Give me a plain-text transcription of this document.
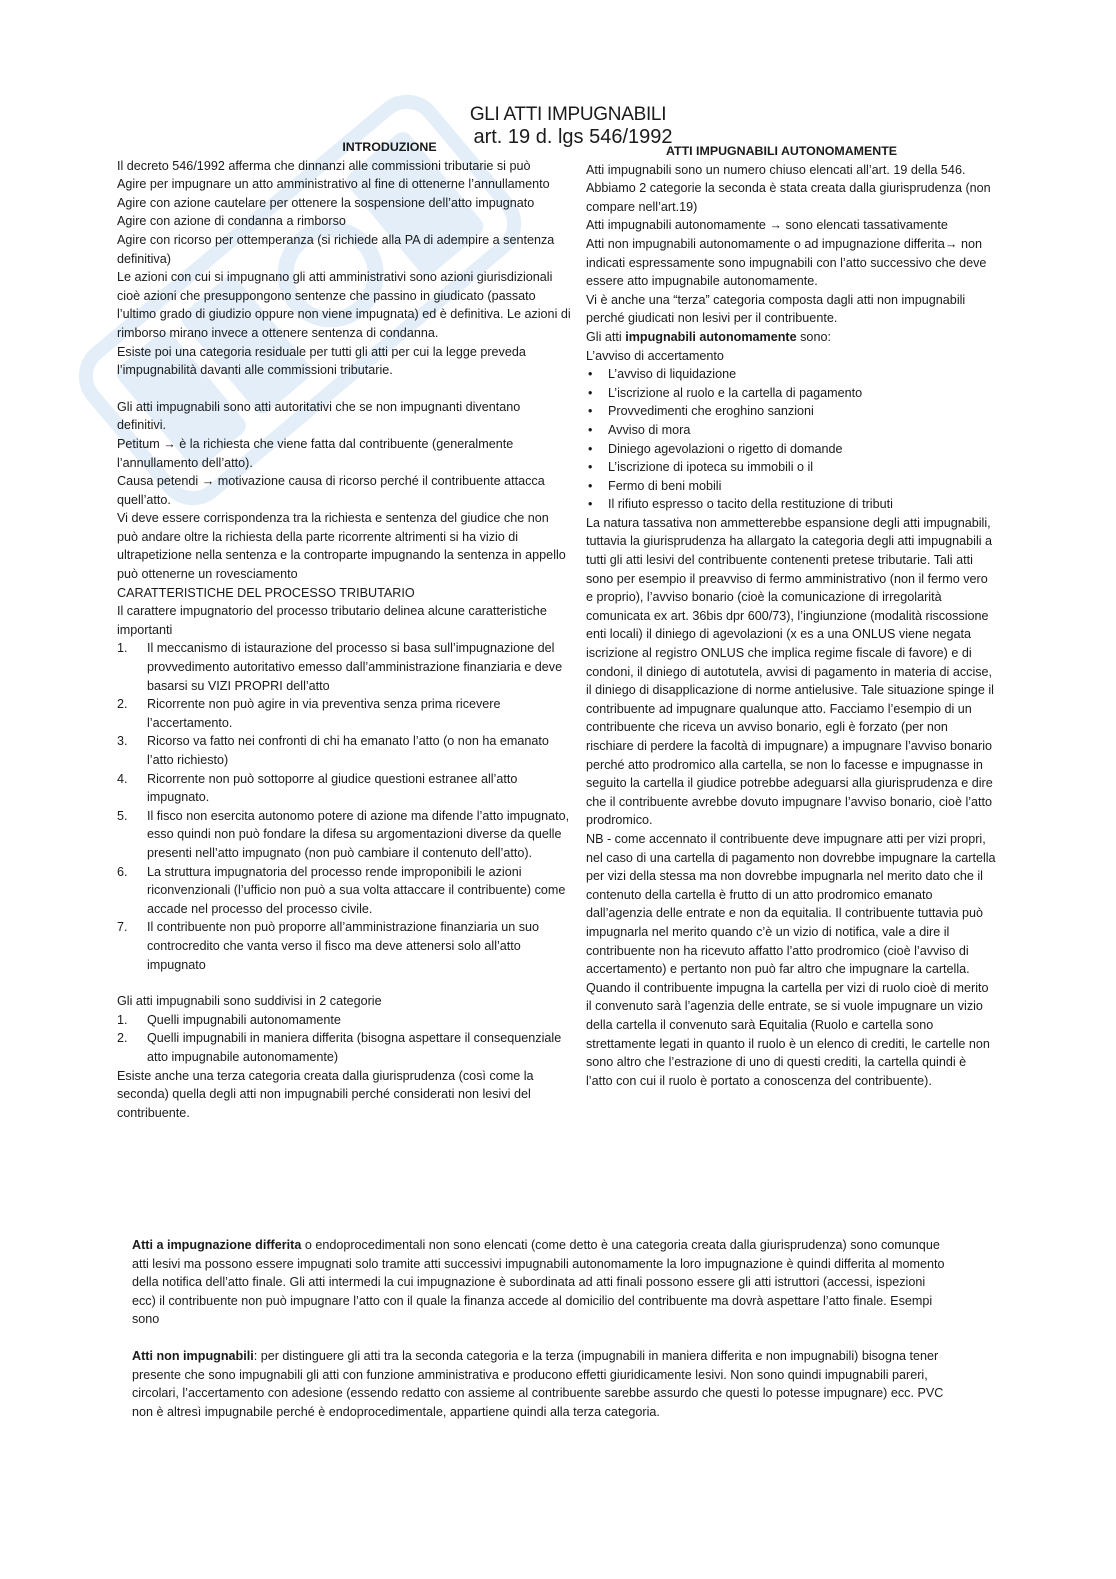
GLI ATTI IMPUGNABILI
art. 19 d. lgs 546/1992
INTRODUZIONE

Il decreto 546/1992 afferma che dinnanzi alle commissioni tributarie si può

Agire per impugnare un atto amministrativo al fine di ottenerne l’annullamento

Agire con azione cautelare per ottenere la sospensione dell’atto impugnato

Agire con azione di condanna a rimborso

Agire con ricorso per ottemperanza (si richiede alla PA di adempire a sentenza definitiva)

Le azioni con cui si impugnano gli atti amministrativi sono azioni giurisdizionali cioè azioni che presuppongono sentenze che passino in giudicato (passato l’ultimo grado di giudizio oppure non viene impugnata) ed è definitiva. Le azioni di rimborso mirano invece a ottenere sentenza di condanna.

Esiste poi una categoria residuale per tutti gli atti per cui la legge preveda l’impugnabilità davanti alle commissioni tributarie.

Gli atti impugnabili sono atti autoritativi che se non impugnanti diventano definitivi.

Petitum → è la richiesta che viene fatta dal contribuente (generalmente l’annullamento dell’atto).

Causa petendi → motivazione causa di ricorso perché il contribuente attacca quell’atto.

Vi deve essere corrispondenza tra la richiesta e sentenza del giudice che non può andare oltre la richiesta della parte ricorrente altrimenti si ha vizio di ultrapetizione nella sentenza e la controparte impugnando la sentenza in appello può ottenerne un rovesciamento

CARATTERISTICHE DEL PROCESSO TRIBUTARIO

Il carattere impugnatorio del processo tributario delinea alcune caratteristiche importanti

1. Il meccanismo di istaurazione del processo si basa sull’impugnazione del provvedimento autoritativo emesso dall’amministrazione finanziaria e deve basarsi su VIZI PROPRI dell’atto
2. Ricorrente non può agire in via preventiva senza prima ricevere l’accertamento.
3. Ricorso va fatto nei confronti di chi ha emanato l’atto (o non ha emanato l’atto richiesto)
4. Ricorrente non può sottoporre al giudice questioni estranee all’atto impugnato.
5. Il fisco non esercita autonomo potere di azione ma difende l’atto impugnato, esso quindi non può fondare la difesa su argomentazioni diverse da quelle presenti nell’atto impugnato (non può cambiare il contenuto dell’atto).
6. La struttura impugnatoria del processo rende improponibili le azioni riconvenzionali (l’ufficio non può a sua volta attaccare il contribuente) come accade nel processo del processo civile.
7. Il contribuente non può proporre all’amministrazione finanziaria un suo controcredito che vanta verso il fisco ma deve attenersi solo all’atto impugnato

Gli atti impugnabili sono suddivisi in 2 categorie

1. Quelli impugnabili autonomamente
2. Quelli impugnabili in maniera differita (bisogna aspettare il consequenziale atto impugnabile autonomamente)

Esiste anche una terza categoria creata dalla giurisprudenza (così come la seconda) quella degli atti non impugnabili perché considerati non lesivi del contribuente.

ATTI IMPUGNABILI AUTONOMAMENTE

Atti impugnabili sono un numero chiuso elencati all’art. 19 della 546.

Abbiamo 2 categorie la seconda è stata creata dalla giurisprudenza (non compare nell’art.19)

Atti impugnabili autonomamente → sono elencati tassativamente

Atti non impugnabili autonomamente o ad impugnazione differita→ non indicati espressamente sono impugnabili con l’atto successivo che deve essere atto impugnabile autonomamente.

Vi è anche una “terza” categoria composta dagli atti non impugnabili perché giudicati non lesivi per il contribuente.

Gli atti impugnabili autonomamente sono:

L’avviso di accertamento

• L’avviso di liquidazione
• L’iscrizione al ruolo e la cartella di pagamento
• Provvedimenti che eroghino sanzioni
• Avviso di mora
• Diniego agevolazioni o rigetto di domande
• L’iscrizione di ipoteca su immobili o il
• Fermo di beni mobili
• Il rifiuto espresso o tacito della restituzione di tributi

La natura tassativa non ammetterebbe espansione degli atti impugnabili, tuttavia la giurisprudenza ha allargato la categoria degli atti impugnabili a tutti gli atti lesivi del contribuente contenenti pretese tributarie. Tali atti sono per esempio il preavviso di fermo amministrativo (non il fermo vero e proprio), l’avviso bonario (cioè la comunicazione di irregolarità comunicata ex art. 36bis dpr 600/73), l’ingiunzione (modalità riscossione enti locali) il diniego di agevolazioni (x es a una ONLUS viene negata iscrizione al registro ONLUS che implica regime fiscale di favore) e di condoni, il diniego di autotutela, avvisi di pagamento in materia di accise, il diniego di disapplicazione di norme antielusive. Tale situazione spinge il contribuente ad impugnare qualunque atto. Facciamo l’esempio di un contribuente che riceva un avviso bonario, egli è forzato (per non rischiare di perdere la facoltà di impugnare) a impugnare l’avviso bonario perché atto prodromico alla cartella, se non lo facesse e impugnasse in seguito la cartella il giudice potrebbe adeguarsi alla giurisprudenza e dire che il contribuente avrebbe dovuto impugnare l’avviso bonario, cioè l’atto prodromico.

NB - come accennato il contribuente deve impugnare atti per vizi propri, nel caso di una cartella di pagamento non dovrebbe impugnare la cartella per vizi della stessa ma non dovrebbe impugnarla nel merito dato che il contenuto della cartella è frutto di un atto prodromico emanato dall’agenzia delle entrate e non da equitalia. Il contribuente tuttavia può impugnarla nel merito quando c’è un vizio di notifica, vale a dire il contribuente non ha ricevuto affatto l’atto prodromico (cioè l’avviso di accertamento) e pertanto non può far altro che impugnare la cartella.

Quando il contribuente impugna la cartella per vizi di ruolo cioè di merito il convenuto sarà l’agenzia delle entrate, se si vuole impugnare un vizio della cartella il convenuto sarà Equitalia (Ruolo e cartella sono strettamente legati in quanto il ruolo è un elenco di crediti, le cartelle non sono altro che l’estrazione di uno di questi crediti, la cartella quindi è l’atto con cui il ruolo è portato a conoscenza del contribuente).

Atti a impugnazione differita o endoprocedimentali non sono elencati (come detto è una categoria creata dalla giurisprudenza) sono comunque atti lesivi ma possono essere impugnati solo tramite atti successivi impugnabili autonomamente la loro impugnazione è quindi differita al momento della notifica dell’atto finale. Gli atti intermedi la cui impugnazione è subordinata ad atti finali possono essere gli atti istruttori (accessi, ispezioni ecc) il contribuente non può impugnare l’atto con il quale la finanza accede al domicilio del contribuente ma dovrà aspettare l’atto finale. Esempi sono

Atti non impugnabili: per distinguere gli atti tra la seconda categoria e la terza (impugnabili in maniera differita e non impugnabili) bisogna tener presente che sono impugnabili gli atti con funzione amministrativa e producono effetti giuridicamente lesivi. Non sono quindi impugnabili pareri, circolari, l’accertamento con adesione (essendo redatto con assieme al contribuente sarebbe assurdo che questi lo potesse impugnare) ecc. PVC non è altresì impugnabile perché è endoprocedimentale, appartiene quindi alla terza categoria.
